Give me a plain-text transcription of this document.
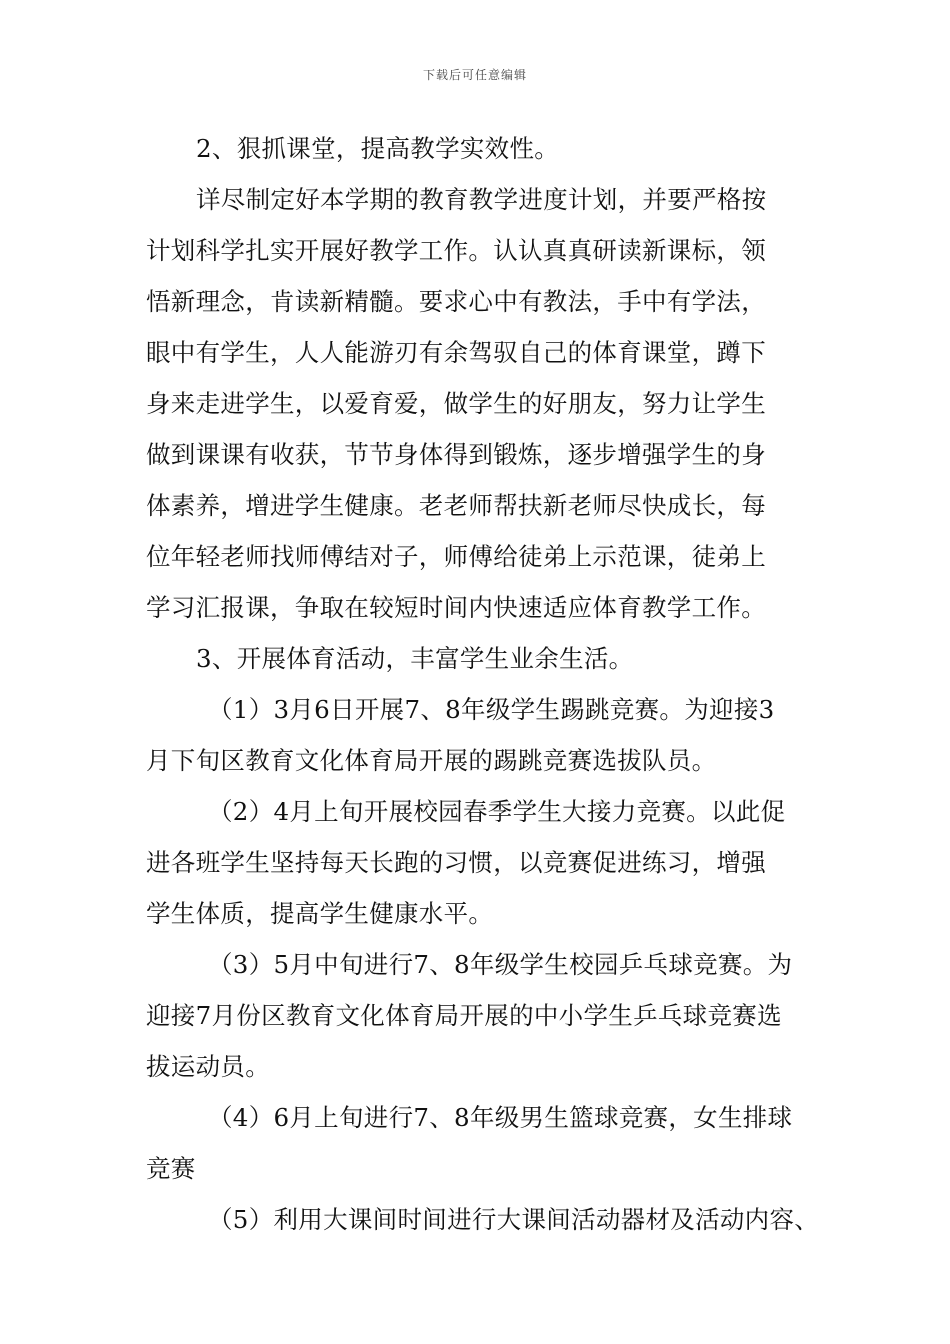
下载后可任意编辑
2、狠抓课堂，提高教学实效性。
详尽制定好本学期的教育教学进度计划，并要严格按
计划科学扎实开展好教学工作。认认真真研读新课标，领
悟新理念，肯读新精髓。要求心中有教法，手中有学法，
眼中有学生，人人能游刃有余驾驭自己的体育课堂，蹲下
身来走进学生，以爱育爱，做学生的好朋友，努力让学生
做到课课有收获，节节身体得到锻炼，逐步增强学生的身
体素养，增进学生健康。老老师帮扶新老师尽快成长，每
位年轻老师找师傅结对子，师傅给徒弟上示范课，徒弟上
学习汇报课，争取在较短时间内快速适应体育教学工作。
3、开展体育活动，丰富学生业余生活。
（1）3月6日开展7、8年级学生踢跳竞赛。为迎接3
月下旬区教育文化体育局开展的踢跳竞赛选拔队员。
（2）4月上旬开展校园春季学生大接力竞赛。以此促
进各班学生坚持每天长跑的习惯，以竞赛促进练习，增强
学生体质，提高学生健康水平。
（3）5月中旬进行7、8年级学生校园乒乓球竞赛。为
迎接7月份区教育文化体育局开展的中小学生乒乓球竞赛选
拔运动员。
（4）6月上旬进行7、8年级男生篮球竞赛，女生排球
竞赛
（5）利用大课间时间进行大课间活动器材及活动内容、
